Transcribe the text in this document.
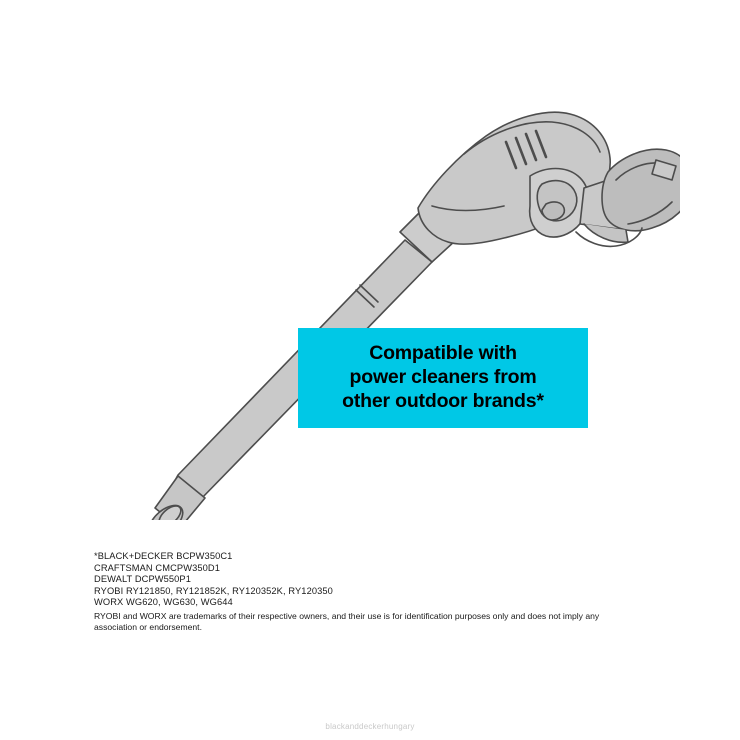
Compatible with
power cleaners from
other outdoor brands*
*BLACK+DECKER BCPW350C1
CRAFTSMAN CMCPW350D1
DEWALT DCPW550P1
RYOBI RY121850, RY121852K, RY120352K, RY120350
WORX WG620, WG630, WG644
RYOBI and WORX are trademarks of their respective owners, and their use is for identification purposes only and does not imply any association or endorsement.
blackanddeckerhungary
